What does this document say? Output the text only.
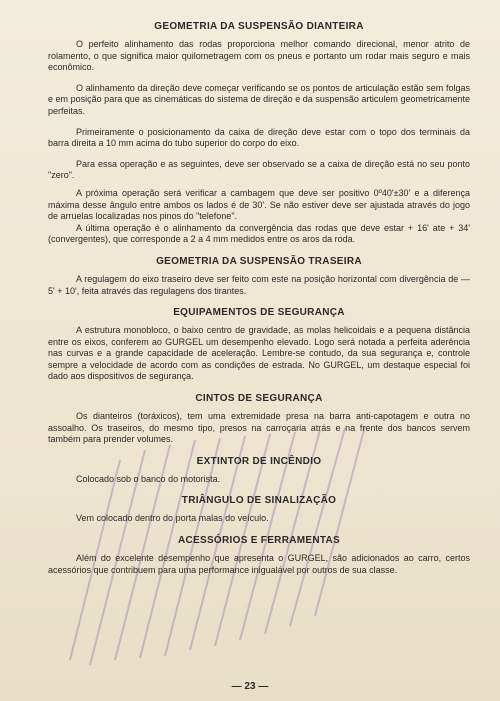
GEOMETRIA DA SUSPENSÃO DIANTEIRA

O perfeito alinhamento das rodas proporciona melhor comando direcional, menor atrito de rolamento, o que significa maior quilometragem com os pneus e portanto um rodar mais seguro e mais econômico.

O alinhamento da direção deve começar verificando se os pontos de articulação estão sem folgas e em posição para que as cinemáticas do sistema de direção e da suspensão articulem geometricamente perfeitas.

Primeiramente o posicionamento da caixa de direção deve estar com o topo dos terminais da barra direita a 10 mm acima do tubo superior do corpo do eixo.

Para essa operação e as seguintes, deve ser observado se a caixa de direção está no seu ponto "zero".

A próxima operação será verificar a cambagem que deve ser positivo 0º40'±30' e a diferença máxima desse ângulo entre ambos os lados é de 30'. Se não estiver deve ser ajustada através do jogo de arruelas localizadas nos pinos do "telefone".

A última operação é o alinhamento da convergência das rodas que deve estar + 16' ate + 34' (convergentes), que corresponde a 2 a 4 mm medidos entre os aros da roda.

GEOMETRIA DA SUSPENSÃO TRASEIRA

A regulagem do eixo traseiro deve ser feito com este na posição horizontal com divergência de — 5' + 10', feita através das regulagens dos tirantes.

EQUIPAMENTOS DE SEGURANÇA

A estrutura monobloco, o baixo centro de gravidade, as molas helicoidais e a pequena distância entre os eixos, conferem ao GURGEL um desempenho elevado. Logo será notada a perfeita aderência nas curvas e a grande capacidade de aceleração. Lembre-se contudo, da sua segurança e, controle sempre a velocidade de acordo com as condições de estrada. No GURGEL, um destaque especial foi dado aos dispositivos de segurança.

CINTOS DE SEGURANÇA

Os dianteiros (toráxicos), tem uma extremidade presa na barra anti-capotagem e outra no assoalho. Os traseiros, do mesmo tipo, presos na carroçaria atrás e na frente dos bancos servem também para prender volumes.

EXTINTOR DE INCÊNDIO

Colocado sob o banco do motorista.

TRIÂNGULO DE SINALIZAÇÃO

Vem colocado dentro do porta malas do veículo.

ACESSÓRIOS E FERRAMENTAS

Além do excelente desempenho que apresenta o GURGEL, são adicionados ao carro, certos acessórios que contribuem para uma performance inigualável por outros de sua classe.

— 23 —
